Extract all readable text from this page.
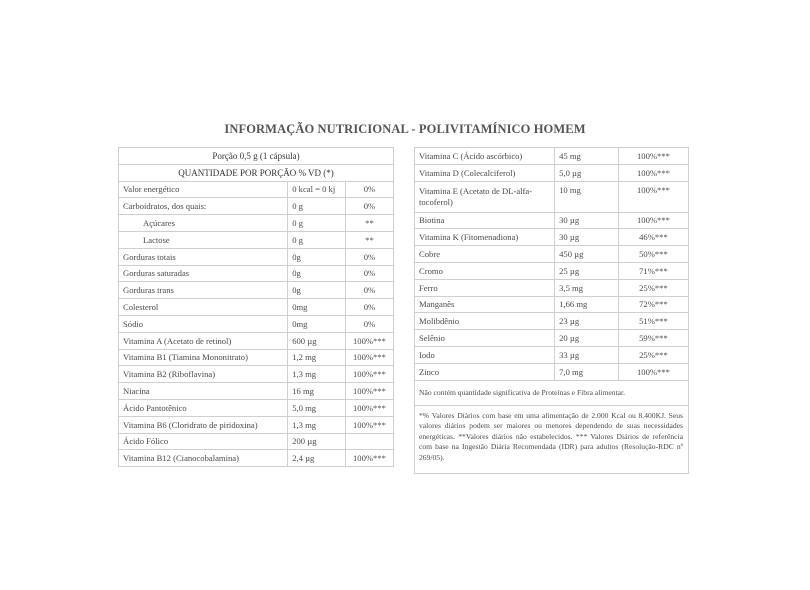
INFORMAÇÃO NUTRICIONAL - POLIVITAMÍNICO HOMEM
Porção 0,5 g (1 cápsula)		
QUANTIDADE POR PORÇÃO % VD (*)		
Valor energético	0 kcal = 0 kj	0%
Carboidratos, dos quais:	0 g	0%
Açúcares	0 g	**
Lactose	0 g	**
Gorduras totais	0g	0%
Gorduras saturadas	0g	0%
Gorduras trans	0g	0%
Colesterol	0mg	0%
Sódio	0mg	0%
Vitamina A (Acetato de retinol)	600 µg	100%***
Vitamina B1 (Tiamina Mononitrato)	1,2 mg	100%***
Vitamina B2 (Riboflavina)	1,3 mg	100%***
Niacina	16 mg	100%***
Ácido Pantotênico	5,0 mg	100%***
Vitamina B6 (Cloridrato de piridoxina)	1,3 mg	100%***
Ácido Fólico	200 µg	
Vitamina B12 (Cianocobalamina)	2,4 µg	100%***
Vitamina C (Ácido ascórbico)	45 mg	100%***
Vitamina D (Colecalciferol)	5,0 µg	100%***
Vitamina E (Acetato de DL-alfa-tocoferol)	10 mg	100%***
Biotina	30 µg	100%***
Vitamina K (Fitomenadiona)	30 µg	46%***
Cobre	450 µg	50%***
Cromo	25 µg	71%***
Ferro	3,5 mg	25%***
Manganês	1,66 mg	72%***
Molibdênio	23 µg	51%***
Selênio	20 µg	59%***
Iodo	33 µg	25%***
Zinco	7,0 mg	100%***
Não contém quantidade significativa de Proteínas e Fibra alimentar.		
*% Valores Diários com base em uma alimentação de 2.000 Kcal ou 8.400KJ. Seus valores diários podem ser maiores ou menores dependendo de suas necessidades energéticas. **Valores diários não estabelecidos. *** Valores Diários de referência com base na Ingestão Diária Recomendada (IDR) para adultos (Resolução-RDC nº 269/05).		
